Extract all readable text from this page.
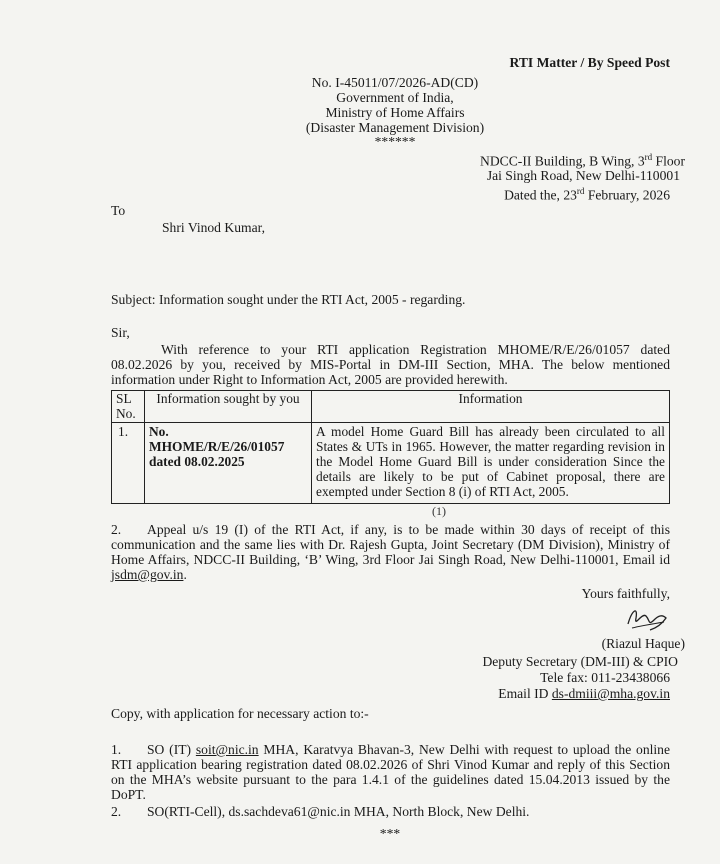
RTI Matter / By Speed Post
No. I-45011/07/2026-AD(CD)
Government of India,
Ministry of Home Affairs
(Disaster Management Division)
******
NDCC-II Building, B Wing, 3rd Floor
Jai Singh Road, New Delhi-110001
Dated the, 23rd February, 2026
To
Shri Vinod Kumar,
Subject: Information sought under the RTI Act, 2005 - regarding.
Sir,
With reference to your RTI application Registration MHOME/R/E/26/01057 dated 08.02.2026 by you, received by MIS-Portal in DM-III Section, MHA. The below mentioned information under Right to Information Act, 2005 are provided herewith.
SL No.	Information sought by you	Information
1.	No. MHOME/R/E/26/01057 dated 08.02.2025	A model Home Guard Bill has already been circulated to all States & UTs in 1965. However, the matter regarding revision in the Model Home Guard Bill is under consideration Since the details are likely to be put of Cabinet proposal, there are exempted under Section 8 (i) of RTI Act, 2005.
(1)
2. Appeal u/s 19 (I) of the RTI Act, if any, is to be made within 30 days of receipt of this communication and the same lies with Dr. Rajesh Gupta, Joint Secretary (DM Division), Ministry of Home Affairs, NDCC-II Building, ‘B’ Wing, 3rd Floor Jai Singh Road, New Delhi-110001, Email id jsdm@gov.in.
Yours faithfully,
(Riazul Haque)
Deputy Secretary (DM-III) & CPIO
Tele fax: 011-23438066
Email ID ds-dmiii@mha.gov.in
Copy, with application for necessary action to:-
1. SO (IT) soit@nic.in MHA, Karatvya Bhavan-3, New Delhi with request to upload the online RTI application bearing registration dated 08.02.2026 of Shri Vinod Kumar and reply of this Section on the MHA’s website pursuant to the para 1.4.1 of the guidelines dated 15.04.2013 issued by the DoPT.
2. SO(RTI-Cell), ds.sachdeva61@nic.in MHA, North Block, New Delhi.
***
